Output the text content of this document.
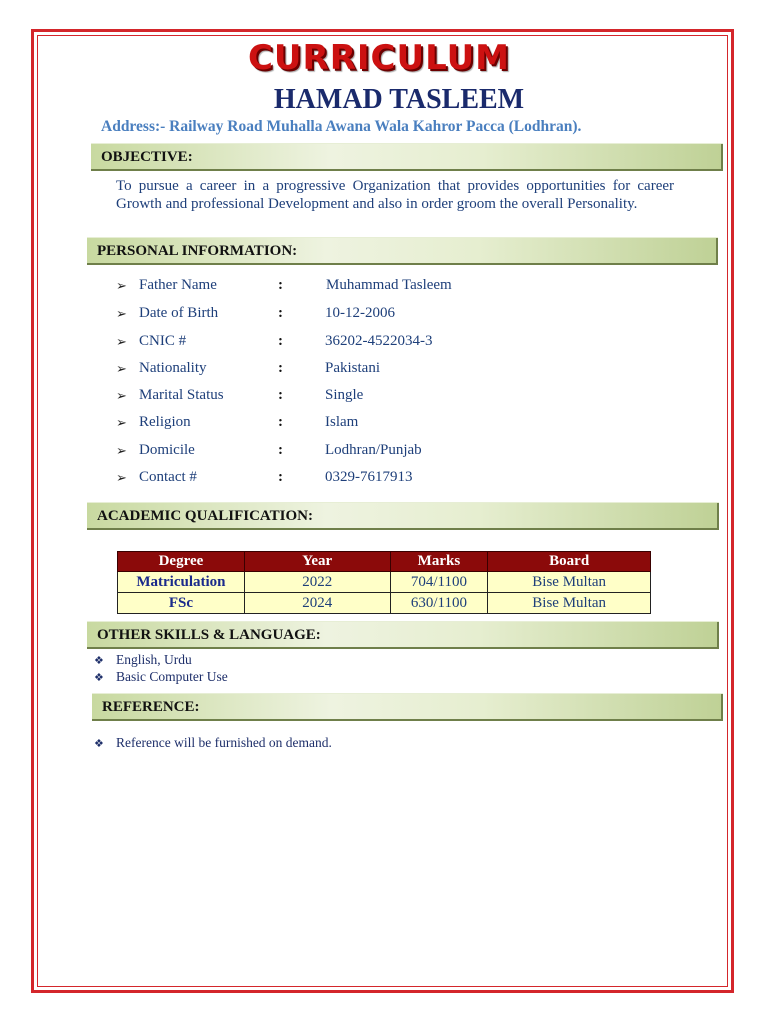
CURRICULUM
HAMAD TASLEEM
Address:- Railway Road Muhalla Awana Wala Kahror Pacca (Lodhran).
OBJECTIVE:
To pursue a career in a progressive Organization that provides opportunities for career Growth and professional Development and also in order groom the overall Personality.
PERSONAL INFORMATION:
➢ Father Name	:	Muhammad Tasleem
➢ Date of Birth	:	10-12-2006
➢ CNIC #	:	36202-4522034-3
➢ Nationality	:	Pakistani
➢ Marital Status	:	Single
➢ Religion	:	Islam
➢ Domicile	:	Lodhran/Punjab
➢ Contact #	:	0329-7617913
ACADEMIC QUALIFICATION:
Degree	Year	Marks	Board
Matriculation	2022	704/1100	Bise Multan
FSc	2024	630/1100	Bise Multan
OTHER SKILLS & LANGUAGE:
❖ English, Urdu
❖ Basic Computer Use
REFERENCE:
❖ Reference will be furnished on demand.
